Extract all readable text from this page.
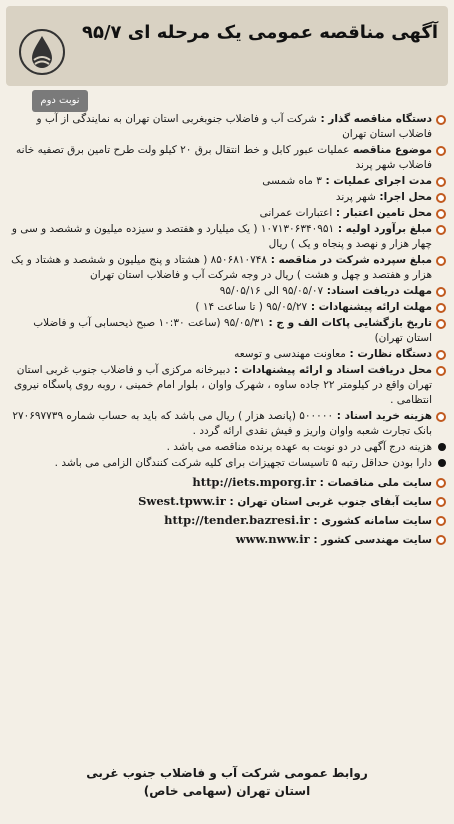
آگهی مناقصه عمومی یک مرحله ای ۹۵/۷
نوبت دوم
دستگاه مناقصه گذار : شرکت آب و فاضلاب جنوبغربی استان تهران به نمایندگی از آب و فاضلاب استان تهران
موضوع مناقصه عملیات عبور کابل و خط انتقال برق ۲۰ کیلو ولت طرح تامین برق تصفیه خانه فاضلاب شهر پرند
مدت اجرای عملیات : ۳ ماه شمسی
محل اجرا: شهر پرند
محل تامین اعتبار : اعتبارات عمرانی
مبلغ برآورد اولیه : ۱۰۷۱۳۰۶۳۴۰۹۵۱ ( یک میلیارد و هفتصد و سیزده میلیون و ششصد و سی و چهار هزار و نهصد و پنجاه و یک ) ریال
مبلغ سپرده شرکت در مناقصه : ۸۵۰۶۸۱۰۷۴۸ ( هشتاد و پنج میلیون و ششصد و هشتاد و یک هزار و هفتصد و چهل و هشت ) ریال در وجه شرکت آب و فاضلاب استان تهران
مهلت دریافت اسناد: ۹۵/۰۵/۰۷ الی ۹۵/۰۵/۱۶
مهلت ارائه پیشنهادات : ۹۵/۰۵/۲۷ ( تا ساعت ۱۴ )
تاریخ بازگشایی پاکات الف و ج : ۹۵/۰۵/۳۱ (ساعت ۱۰:۳۰ صبح ذیحسابی آب و فاضلاب استان تهران)
دستگاه نظارت : معاونت مهندسی و توسعه
محل دریافت اسناد و ارائه پیشنهادات : دبیرخانه مرکزی آب و فاضلاب جنوب غربی استان تهران واقع در کیلومتر ۲۲ جاده ساوه ، شهرک واوان ، بلوار امام خمینی ، روبه روی پاسگاه نیروی انتظامی .
هزینه خرید اسناد : ۵۰۰۰۰۰ (پانصد هزار ) ریال می باشد که باید به حساب شماره ۲۷۰۶۹۷۷۳۹ بانک تجارت شعبه واوان واریز و فیش نقدی ارائه گردد .
هزینه درج آگهی در دو نوبت به عهده برنده مناقصه می باشد .
دارا بودن حداقل رتبه ۵ تاسیسات تجهیزات برای کلیه شرکت کنندگان الزامی می باشد .
سایت ملی مناقصات : http://iets.mporg.ir
سایت آبفای جنوب غربی استان تهران : Swest.tpww.ir
سایت سامانه کشوری : http://tender.bazresi.ir
سایت مهندسی کشور : www.nww.ir
روابط عمومی شرکت آب و فاضلاب جنوب غربی
استان تهران (سهامی خاص)
